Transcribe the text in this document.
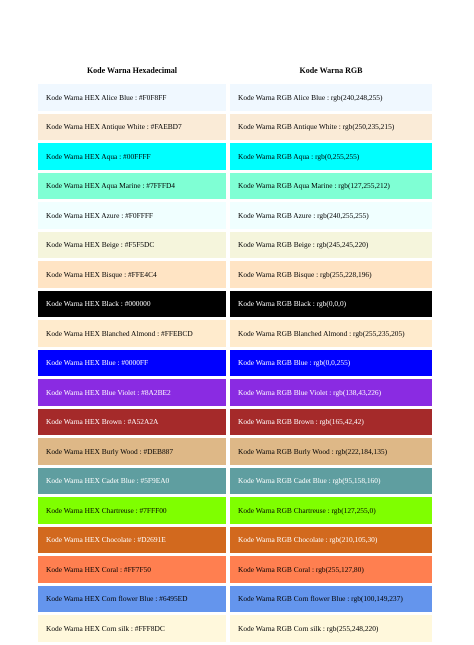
Kode Warna Hexadecimal	Kode Warna RGB
Kode Warna HEX Alice Blue : #F0F8FF	Kode Warna RGB Alice Blue : rgb(240,248,255)
Kode Warna HEX Antique White : #FAEBD7	Kode Warna RGB Antique White : rgb(250,235,215)
Kode Warna HEX Aqua : #00FFFF	Kode Warna RGB Aqua : rgb(0,255,255)
Kode Warna HEX Aqua Marine : #7FFFD4	Kode Warna RGB Aqua Marine : rgb(127,255,212)
Kode Warna HEX Azure : #F0FFFF	Kode Warna RGB Azure : rgb(240,255,255)
Kode Warna HEX Beige : #F5F5DC	Kode Warna RGB Beige : rgb(245,245,220)
Kode Warna HEX Bisque : #FFE4C4	Kode Warna RGB Bisque : rgb(255,228,196)
Kode Warna HEX Black : #000000	Kode Warna RGB Black : rgb(0,0,0)
Kode Warna HEX Blanched Almond : #FFEBCD	Kode Warna RGB Blanched Almond : rgb(255,235,205)
Kode Warna HEX Blue : #0000FF	Kode Warna RGB Blue : rgb(0,0,255)
Kode Warna HEX Blue Violet : #8A2BE2	Kode Warna RGB Blue Violet : rgb(138,43,226)
Kode Warna HEX Brown : #A52A2A	Kode Warna RGB Brown : rgb(165,42,42)
Kode Warna HEX Burly Wood : #DEB887	Kode Warna RGB Burly Wood : rgb(222,184,135)
Kode Warna HEX Cadet Blue : #5F9EA0	Kode Warna RGB Cadet Blue : rgb(95,158,160)
Kode Warna HEX Chartreuse : #7FFF00	Kode Warna RGB Chartreuse : rgb(127,255,0)
Kode Warna HEX Chocolate : #D2691E	Kode Warna RGB Chocolate : rgb(210,105,30)
Kode Warna HEX Coral : #FF7F50	Kode Warna RGB Coral : rgb(255,127,80)
Kode Warna HEX Corn flower Blue : #6495ED	Kode Warna RGB Corn flower Blue : rgb(100,149,237)
Kode Warna HEX Corn silk : #FFF8DC	Kode Warna RGB Corn silk : rgb(255,248,220)
